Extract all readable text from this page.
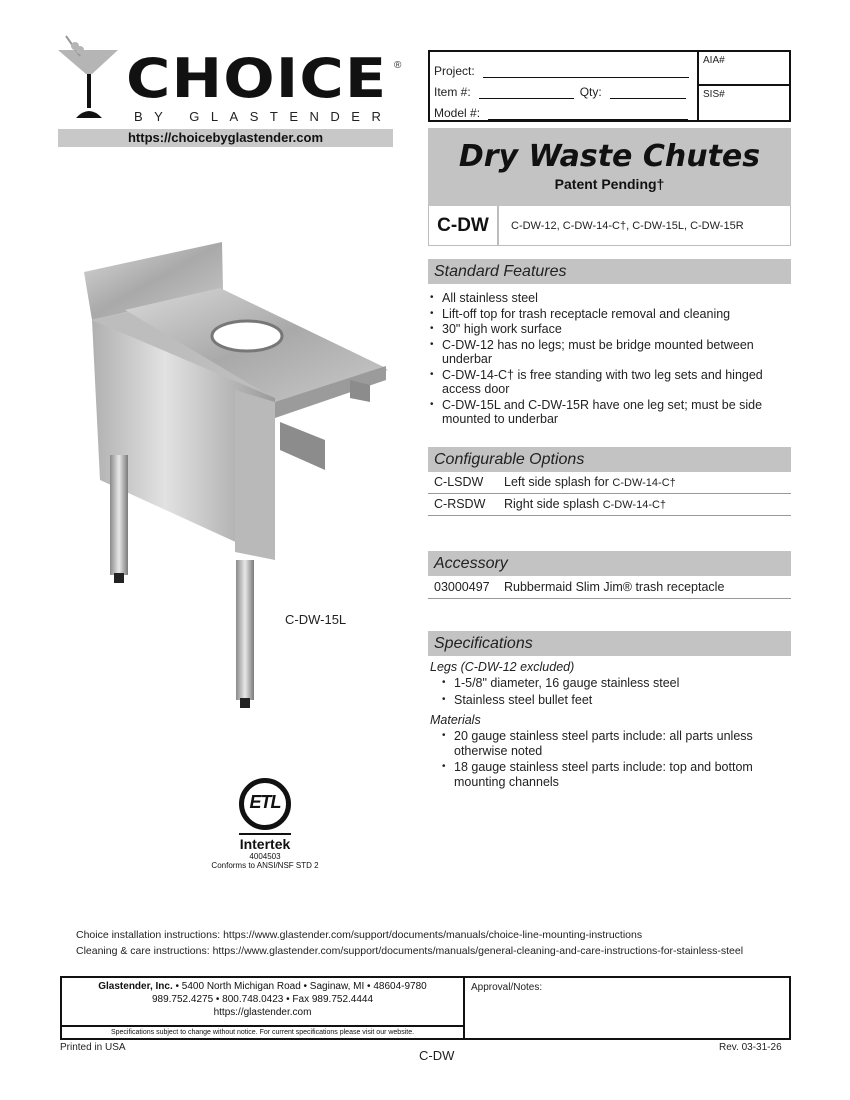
CHOICE ®
BY GLASTENDER
https://choicebyglastender.com
Project:
Item #:	Qty:
Model #:
AIA#
SIS#
Dry Waste Chutes
Patent Pending†
C-DW	C-DW-12, C-DW-14-C†, C-DW-15L, C-DW-15R
Standard Features
• All stainless steel
• Lift-off top for trash receptacle removal and cleaning
• 30" high work surface
• C-DW-12 has no legs; must be bridge mounted between underbar
• C-DW-14-C† is free standing with two leg sets and hinged access door
• C-DW-15L and C-DW-15R have one leg set; must be side mounted to underbar
Configurable Options
C-LSDW	Left side splash for C-DW-14-C†
C-RSDW	Right side splash C-DW-14-C†
Accessory
03000497	Rubbermaid Slim Jim® trash receptacle
Specifications
Legs (C-DW-12 excluded)
• 1-5/8" diameter, 16 gauge stainless steel
• Stainless steel bullet feet
Materials
• 20 gauge stainless steel parts include: all parts unless otherwise noted
• 18 gauge stainless steel parts include: top and bottom mounting channels
C-DW-15L
ETL
Intertek
4004503
Conforms to ANSI/NSF STD 2
Choice installation instructions: https://www.glastender.com/support/documents/manuals/choice-line-mounting-instructions
Cleaning & care instructions: https://www.glastender.com/support/documents/manuals/general-cleaning-and-care-instructions-for-stainless-steel
Glastender, Inc. • 5400 North Michigan Road • Saginaw, MI • 48604-9780
989.752.4275 • 800.748.0423 • Fax 989.752.4444
https://glastender.com
Specifications subject to change without notice. For current specifications please visit our website.
Approval/Notes:
Printed in USA
C-DW
Rev. 03-31-26
